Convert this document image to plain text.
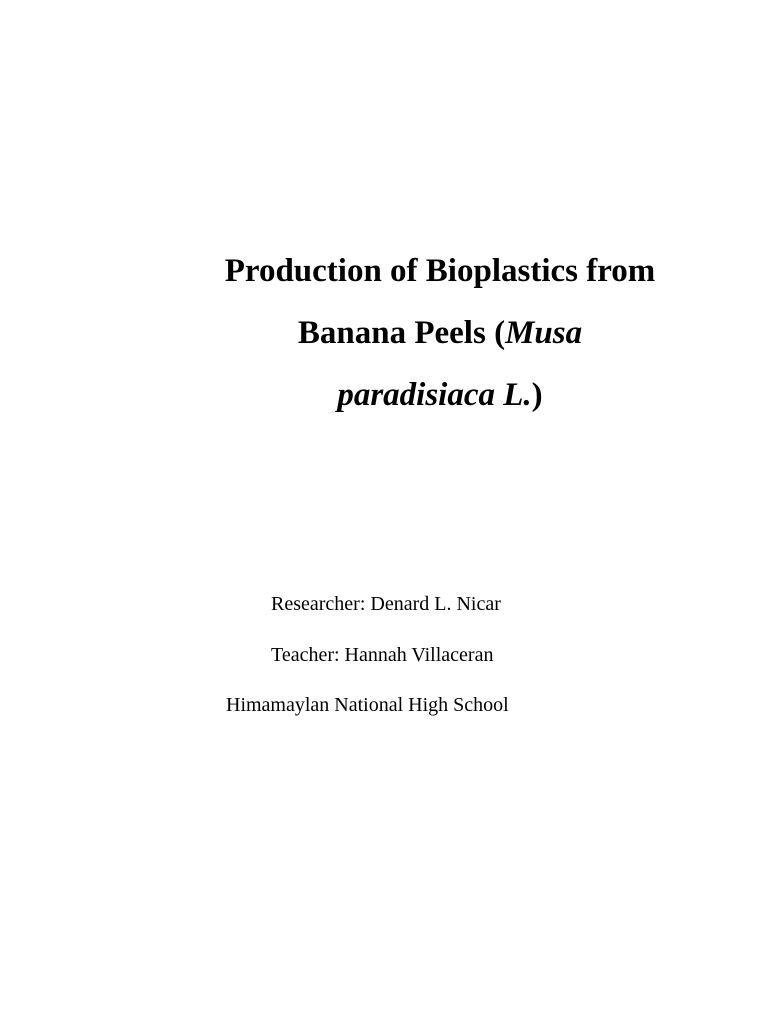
Production of Bioplastics from
Banana Peels (Musa
paradisiaca L.)
Researcher: Denard L. Nicar
Teacher: Hannah Villaceran
Himamaylan National High School
